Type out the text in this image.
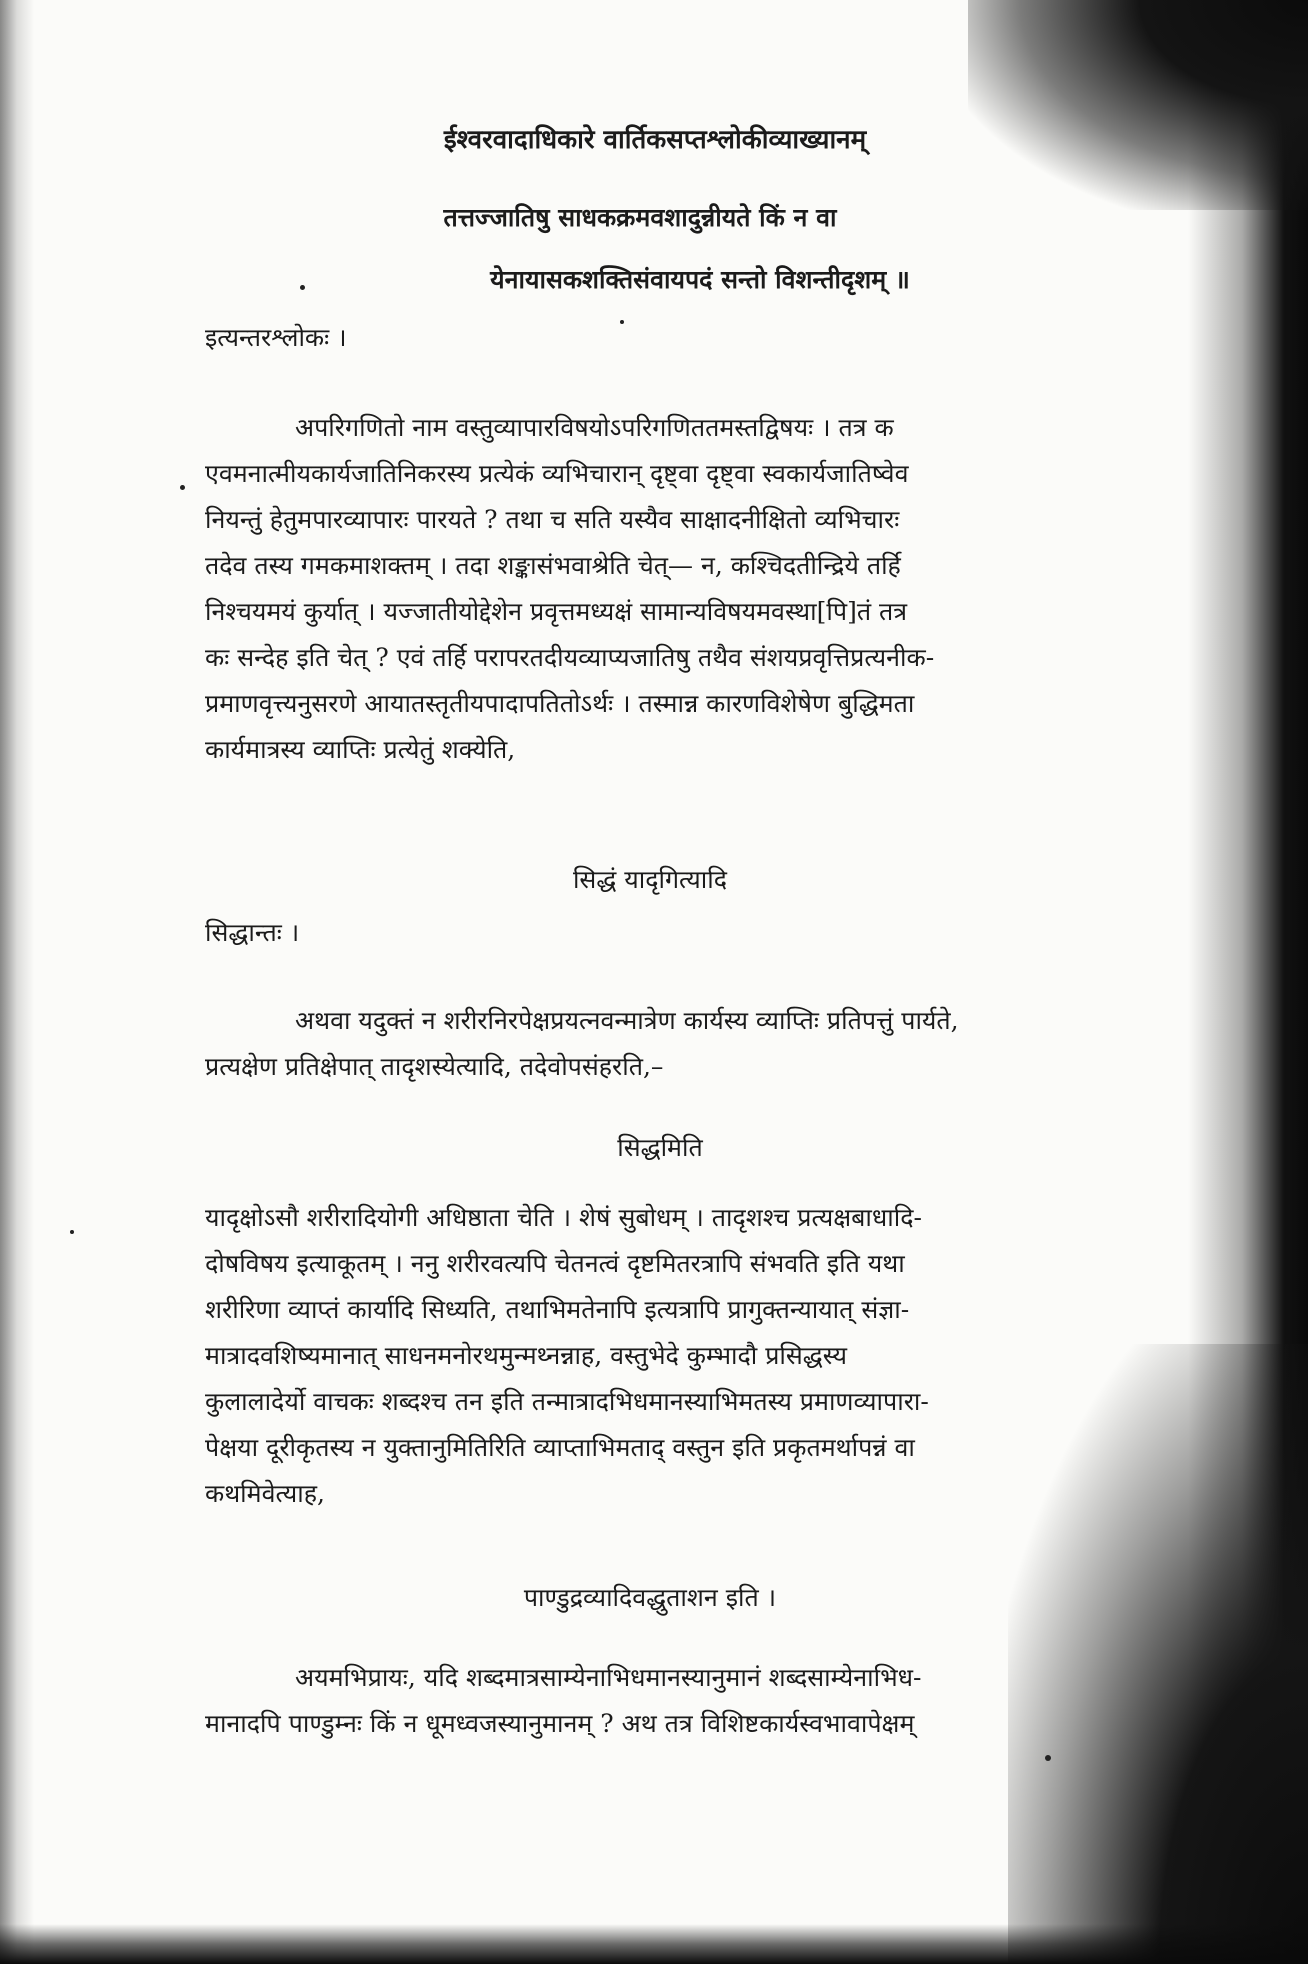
ईश्वरवादाधिकारे वार्तिकसप्तश्लोकीव्याख्यानम्
तत्तज्जातिषु साधकक्रमवशादुन्नीयते किं न वा
येनायासकशक्तिसंवायपदं सन्तो विशन्तीदृशम् ॥
इत्यन्तरश्लोकः ।
अपरिगणितो नाम वस्तुव्यापारविषयोऽपरिगणिततमस्तद्विषयः । तत्र क
एवमनात्मीयकार्यजातिनिकरस्य प्रत्येकं व्यभिचारान् दृष्ट्वा दृष्ट्वा स्वकार्यजातिष्वेव
नियन्तुं हेतुमपारव्यापारः पारयते ? तथा च सति यस्यैव साक्षादनीक्षितो व्यभिचारः
तदेव तस्य गमकमाशक्तम् । तदा शङ्कासंभवाश्रेति चेत्— न, कश्चिदतीन्द्रिये तर्हि
निश्चयमयं कुर्यात् । यज्जातीयोद्देशेन प्रवृत्तमध्यक्षं सामान्यविषयमवस्था[पि]तं तत्र
कः सन्देह इति चेत् ? एवं तर्हि परापरतदीयव्याप्यजातिषु तथैव संशयप्रवृत्तिप्रत्यनीक-
प्रमाणवृत्त्यनुसरणे आयातस्तृतीयपादापतितोऽर्थः । तस्मान्न कारणविशेषेण बुद्धिमता
कार्यमात्रस्य व्याप्तिः प्रत्येतुं शक्येति,
सिद्धं यादृगित्यादि
सिद्धान्तः ।
अथवा यदुक्तं न शरीरनिरपेक्षप्रयत्नवन्मात्रेण कार्यस्य व्याप्तिः प्रतिपत्तुं पार्यते,
प्रत्यक्षेण प्रतिक्षेपात् तादृशस्येत्यादि, तदेवोपसंहरति,–
सिद्धमिति
यादृक्षोऽसौ शरीरादियोगी अधिष्ठाता चेति । शेषं सुबोधम् । तादृशश्च प्रत्यक्षबाधादि-
दोषविषय इत्याकूतम् । ननु शरीरवत्यपि चेतनत्वं दृष्टमितरत्रापि संभवति इति यथा
शरीरिणा व्याप्तं कार्यादि सिध्यति, तथाभिमतेनापि इत्यत्रापि प्रागुक्तन्यायात् संज्ञा-
मात्रादवशिष्यमानात् साधनमनोरथमुन्मथ्नन्नाह, वस्तुभेदे कुम्भादौ प्रसिद्धस्य
कुलालादेर्यो वाचकः शब्दश्च तन इति तन्मात्रादभिधमानस्याभिमतस्य प्रमाणव्यापारा-
पेक्षया दूरीकृतस्य न युक्तानुमितिरिति व्याप्ताभिमताद् वस्तुन इति प्रकृतमर्थापन्नं वा
कथमिवेत्याह,
पाण्डुद्रव्यादिवद्धुताशन इति ।
अयमभिप्रायः, यदि शब्दमात्रसाम्येनाभिधमानस्यानुमानं शब्दसाम्येनाभिध-
मानादपि पाण्डुम्नः किं न धूमध्वजस्यानुमानम् ? अथ तत्र विशिष्टकार्यस्वभावापेक्षम्
